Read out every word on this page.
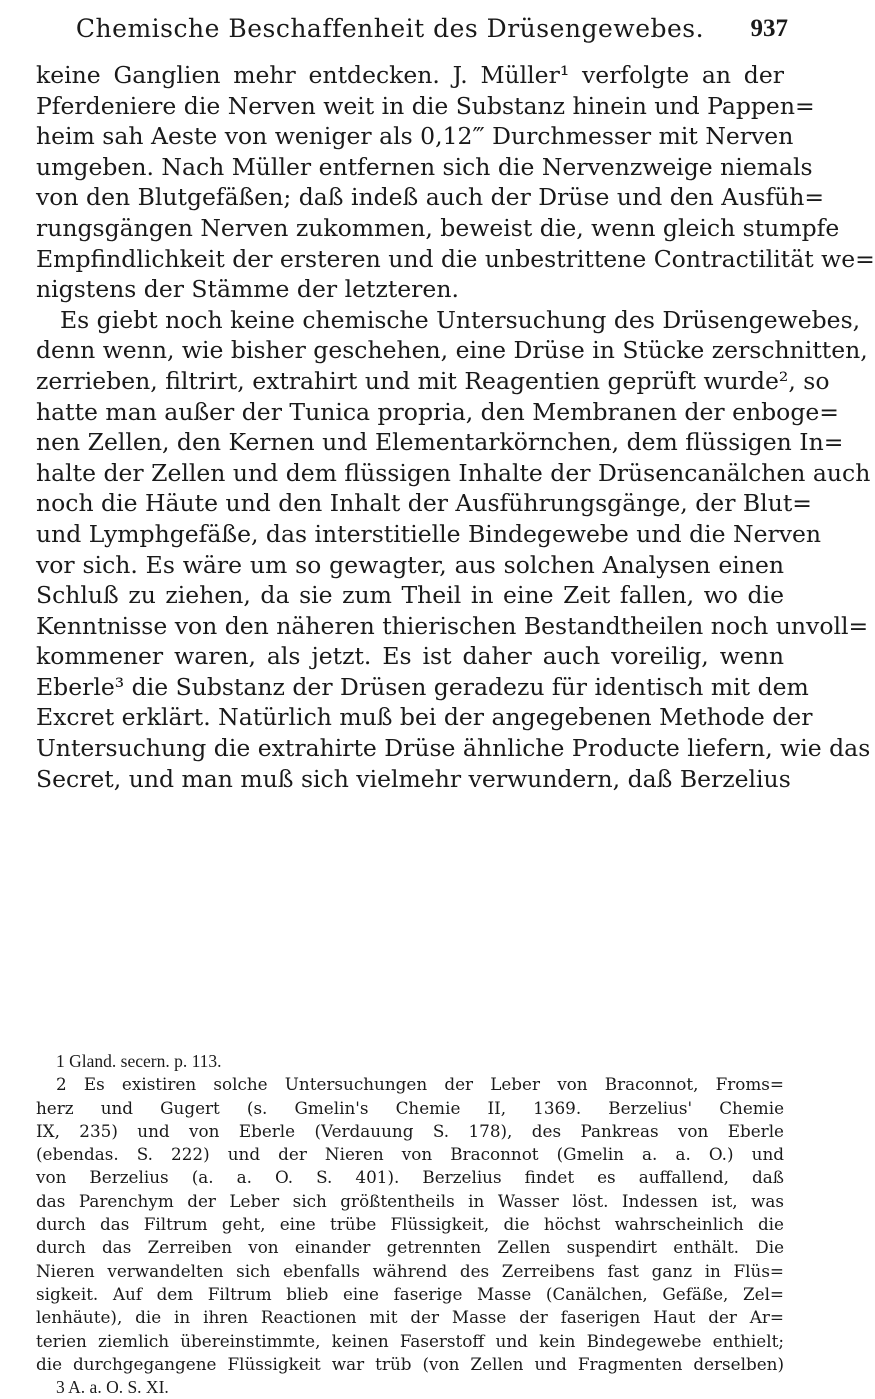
Chemische Beschaffenheit des Drüsengewebes.	937
keine Ganglien mehr entdecken. J. Müller¹ verfolgte an der
Pferdeniere die Nerven weit in die Substanz hinein und Pappen=
heim sah Aeste von weniger als 0,12‴ Durchmesser mit Nerven
umgeben. Nach Müller entfernen sich die Nervenzweige niemals
von den Blutgefäßen; daß indeß auch der Drüse und den Ausfüh=
rungsgängen Nerven zukommen, beweist die, wenn gleich stumpfe
Empfindlichkeit der ersteren und die unbestrittene Contractilität we=
nigstens der Stämme der letzteren.
Es giebt noch keine chemische Untersuchung des Drüsengewebes,
denn wenn, wie bisher geschehen, eine Drüse in Stücke zerschnitten,
zerrieben, filtrirt, extrahirt und mit Reagentien geprüft wurde², so
hatte man außer der Tunica propria, den Membranen der enboge=
nen Zellen, den Kernen und Elementarkörnchen, dem flüssigen In=
halte der Zellen und dem flüssigen Inhalte der Drüsencanälchen auch
noch die Häute und den Inhalt der Ausführungsgänge, der Blut=
und Lymphgefäße, das interstitielle Bindegewebe und die Nerven
vor sich. Es wäre um so gewagter, aus solchen Analysen einen
Schluß zu ziehen, da sie zum Theil in eine Zeit fallen, wo die
Kenntnisse von den näheren thierischen Bestandtheilen noch unvoll=
kommener waren, als jetzt. Es ist daher auch voreilig, wenn
Eberle³ die Substanz der Drüsen geradezu für identisch mit dem
Excret erklärt. Natürlich muß bei der angegebenen Methode der
Untersuchung die extrahirte Drüse ähnliche Producte liefern, wie das
Secret, und man muß sich vielmehr verwundern, daß Berzelius
1 Gland. secern. p. 113.
2 Es existiren solche Untersuchungen der Leber von Braconnot, Froms=
herz und Gugert (s. Gmelin's Chemie II, 1369. Berzelius' Chemie
IX, 235) und von Eberle (Verdauung S. 178), des Pankreas von Eberle
(ebendas. S. 222) und der Nieren von Braconnot (Gmelin a. a. O.) und
von Berzelius (a. a. O. S. 401). Berzelius findet es auffallend, daß
das Parenchym der Leber sich größtentheils in Wasser löst. Indessen ist, was
durch das Filtrum geht, eine trübe Flüssigkeit, die höchst wahrscheinlich die
durch das Zerreiben von einander getrennten Zellen suspendirt enthält. Die
Nieren verwandelten sich ebenfalls während des Zerreibens fast ganz in Flüs=
sigkeit. Auf dem Filtrum blieb eine faserige Masse (Canälchen, Gefäße, Zel=
lenhäute), die in ihren Reactionen mit der Masse der faserigen Haut der Ar=
terien ziemlich übereinstimmte, keinen Faserstoff und kein Bindegewebe enthielt;
die durchgegangene Flüssigkeit war trüb (von Zellen und Fragmenten derselben)
3 A. a. O. S. XI.
